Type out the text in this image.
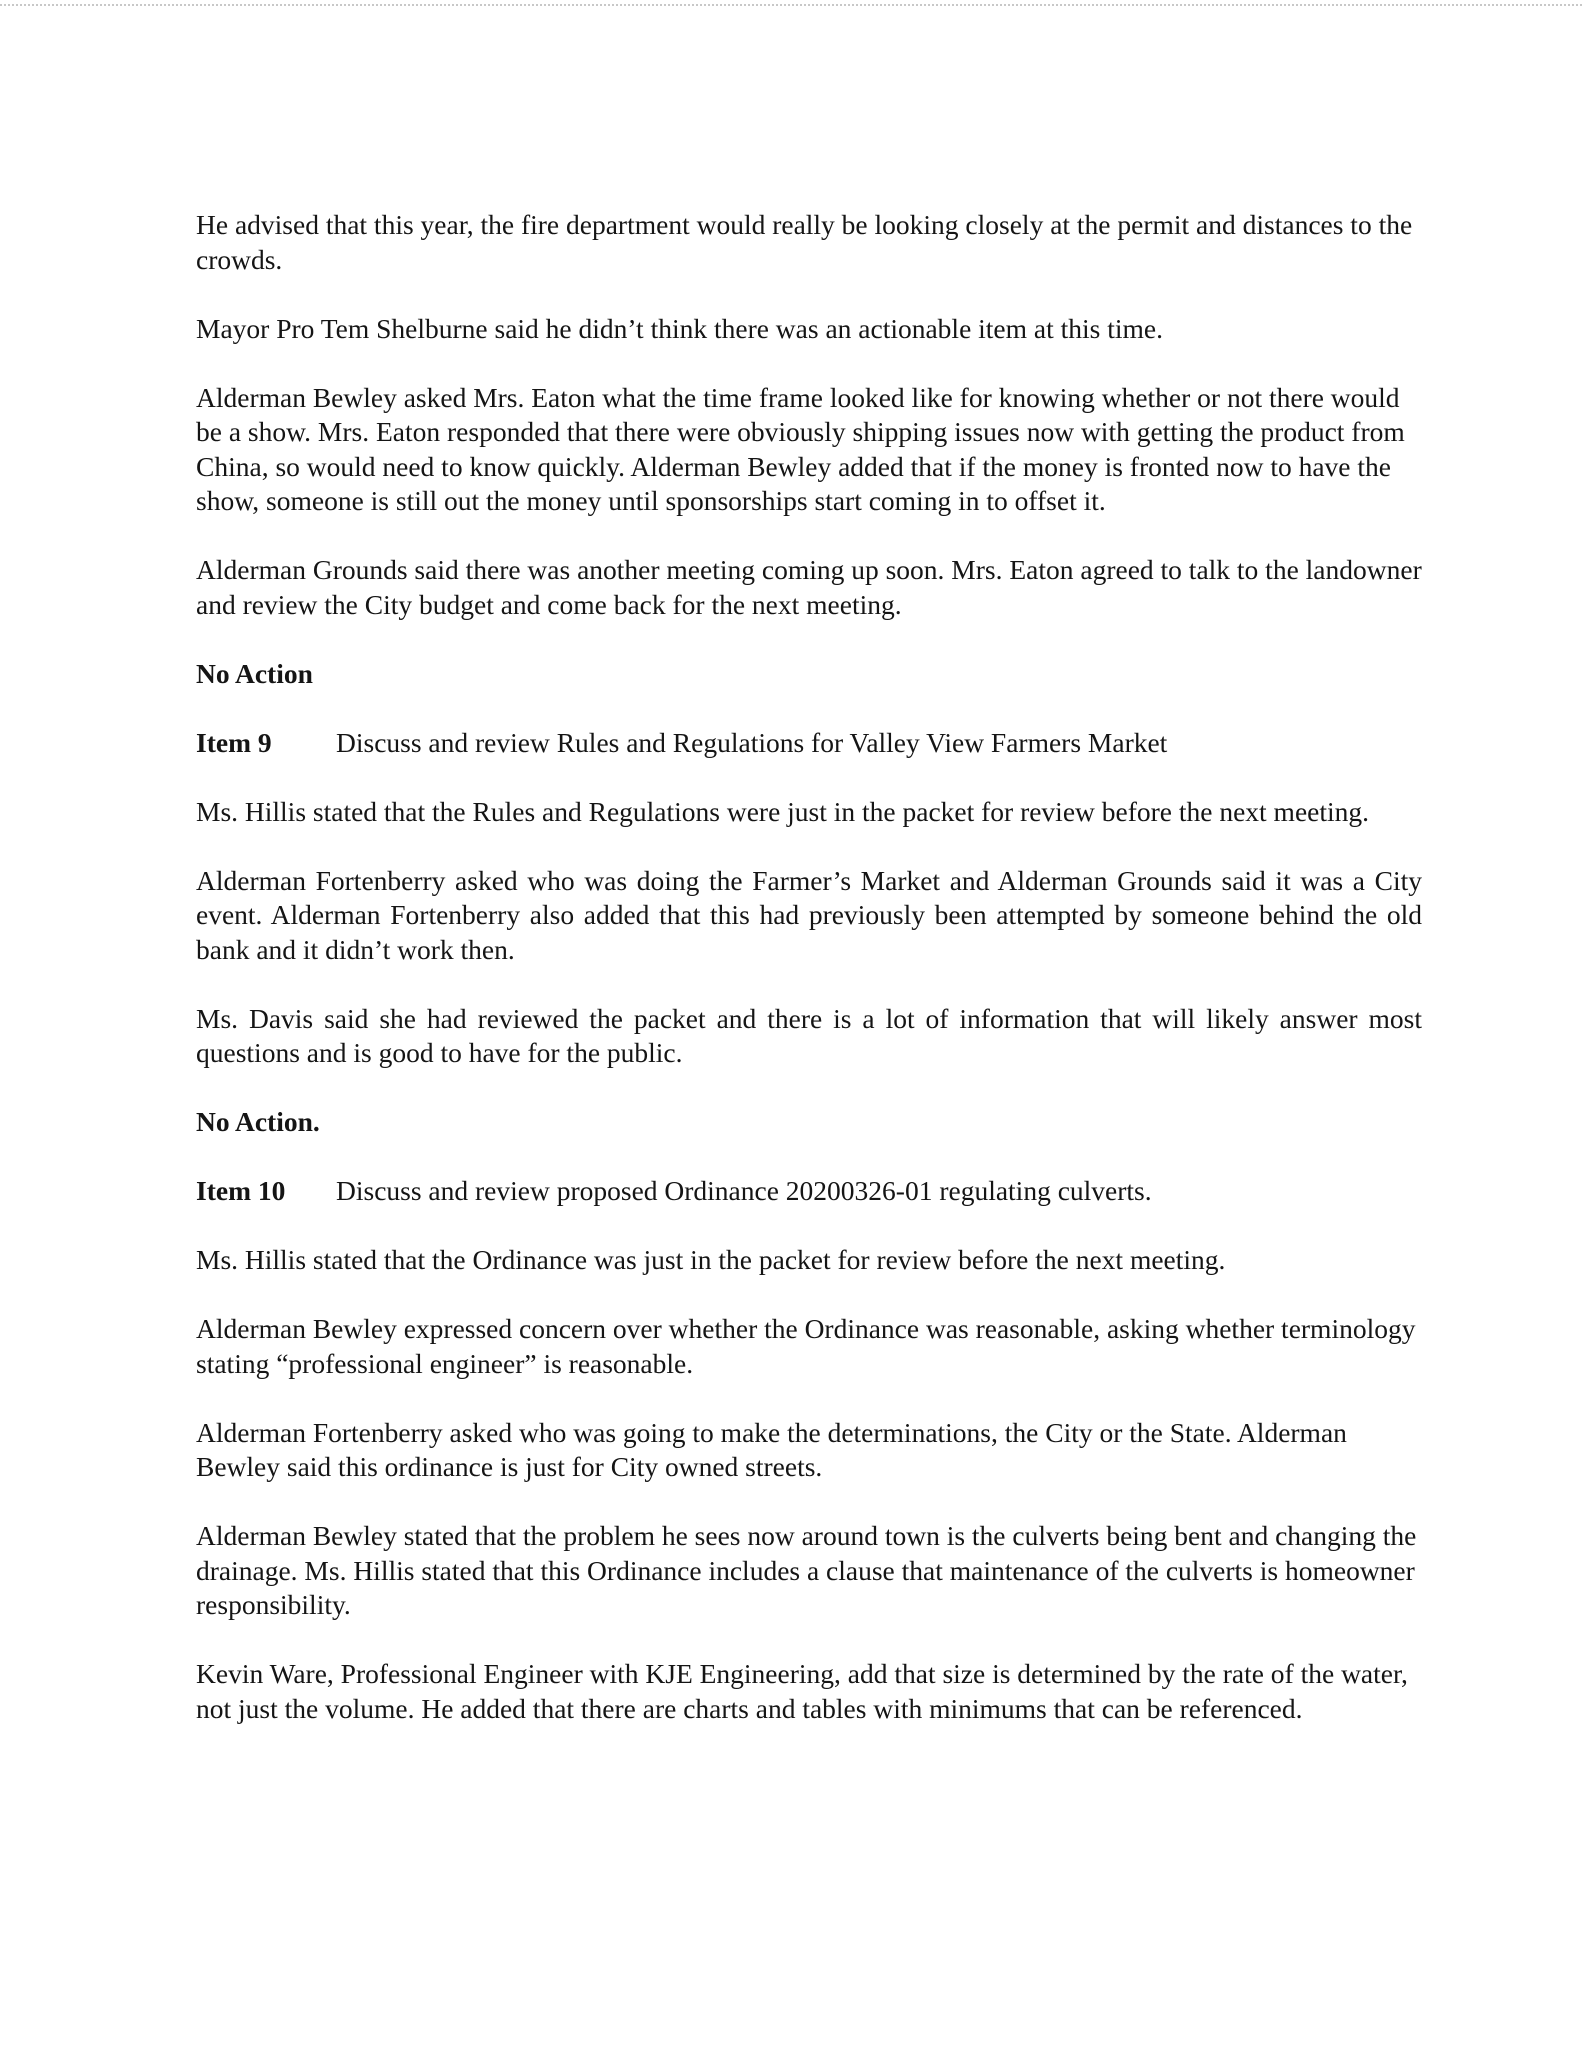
He advised that this year, the fire department would really be looking closely at the permit and distances to the crowds.

Mayor Pro Tem Shelburne said he didn’t think there was an actionable item at this time.

Alderman Bewley asked Mrs. Eaton what the time frame looked like for knowing whether or not there would be a show. Mrs. Eaton responded that there were obviously shipping issues now with getting the product from China, so would need to know quickly. Alderman Bewley added that if the money is fronted now to have the show, someone is still out the money until sponsorships start coming in to offset it.

Alderman Grounds said there was another meeting coming up soon. Mrs. Eaton agreed to talk to the landowner and review the City budget and come back for the next meeting.

No Action

Item 9 Discuss and review Rules and Regulations for Valley View Farmers Market

Ms. Hillis stated that the Rules and Regulations were just in the packet for review before the next meeting.

Alderman Fortenberry asked who was doing the Farmer’s Market and Alderman Grounds said it was a City event. Alderman Fortenberry also added that this had previously been attempted by someone behind the old bank and it didn’t work then.

Ms. Davis said she had reviewed the packet and there is a lot of information that will likely answer most questions and is good to have for the public.

No Action.

Item 10 Discuss and review proposed Ordinance 20200326-01 regulating culverts.

Ms. Hillis stated that the Ordinance was just in the packet for review before the next meeting.

Alderman Bewley expressed concern over whether the Ordinance was reasonable, asking whether terminology stating “professional engineer” is reasonable.

Alderman Fortenberry asked who was going to make the determinations, the City or the State. Alderman Bewley said this ordinance is just for City owned streets.

Alderman Bewley stated that the problem he sees now around town is the culverts being bent and changing the drainage. Ms. Hillis stated that this Ordinance includes a clause that maintenance of the culverts is homeowner responsibility.

Kevin Ware, Professional Engineer with KJE Engineering, add that size is determined by the rate of the water, not just the volume. He added that there are charts and tables with minimums that can be referenced.
